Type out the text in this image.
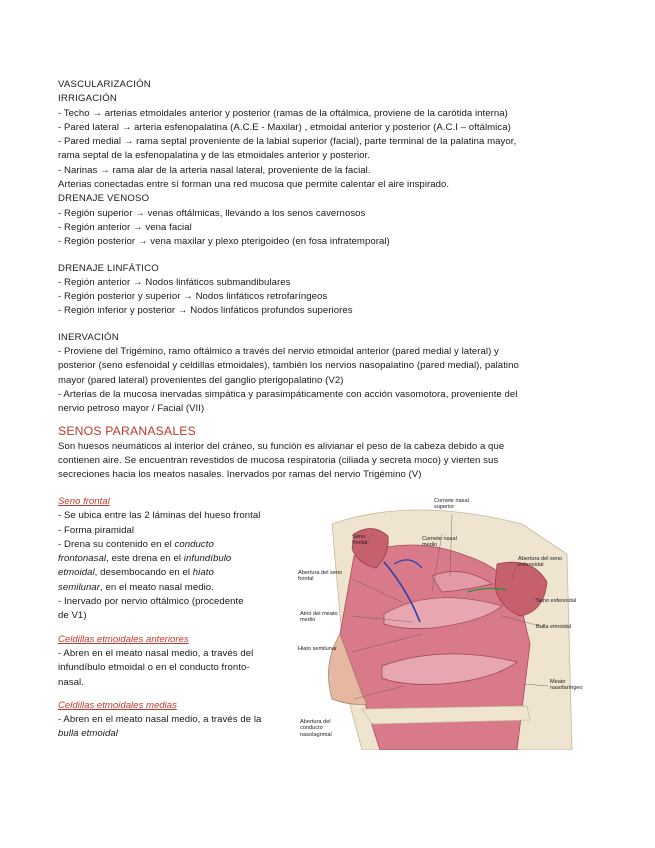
VASCULARIZACIÓN
IRRIGACIÓN
- Techo → arterias etmoidales anterior y posterior (ramas de la oftálmica, proviene de la carótida interna)
- Pared lateral → arteria esfenopalatina (A.C.E - Maxilar) , etmoidal anterior y posterior (A.C.I – oftálmica)
- Pared medial → rama septal proveniente de la labial superior (facial), parte terminal de la palatina mayor,
rama septal de la esfenopalatina y de las etmoidales anterior y posterior.
- Narinas → rama alar de la arteria nasal lateral, proveniente de la facial.
Arterias conectadas entre sí forman una red mucosa que permite calentar el aire inspirado.
DRENAJE VENOSO
- Región superior → venas oftálmicas, llevando a los senos cavernosos
- Región anterior → vena facial
- Región posterior → vena maxilar y plexo pterigoideo (en fosa infratemporal)
DRENAJE LINFÁTICO
- Región anterior → Nodos linfáticos submandibulares
- Región posterior y superior → Nodos linfáticos retrofaríngeos
- Región inferior y posterior → Nodos linfáticos profundos superiores
INERVACIÓN
- Proviene del Trigémino, ramo oftálmico a través del nervio etmoidal anterior (pared medial y lateral) y
posterior (seno esfenoidal y celdillas etmoidales), también los nervios nasopalatino (pared medial), palatino
mayor (pared lateral) provenientes del ganglio pterigopalatino (V2)
- Arterias de la mucosa inervadas simpática y parasimpáticamente con acción vasomotora, proveniente del
nervio petroso mayor / Facial (VII)
SENOS PARANASALES
Son huesos neumáticos al interior del cráneo, su función es alivianar el peso de la cabeza debido a que
contienen aire. Se encuentran revestidos de mucosa respiratoria (ciliada y secreta moco) y vierten sus
secreciones hacia los meatos nasales. Inervados por ramas del nervio Trigémino (V)
Seno frontal
- Se ubica entre las 2 láminas del hueso frontal
- Forma piramidal
- Drena su contenido en el conducto
frontonasal, este drena en el infundíbulo
etmoidal, desembocando en el hiato
semilunar, en el meato nasal medio.
- Inervado por nervio oftálmico (procedente
de V1)
Celdillas etmoidales anteriores
- Abren en el meato nasal medio, a través del
infundíbulo etmoidal o en el conducto fronto-
nasal.
Celdillas etmoidales medias
- Abren en el meato nasal medio, a través de la
bulla etmoidal
Cornete nasal
superior
Seno
frontal
Cornete nasal
medio
Abertura del seno
esfenoidal
Abertura del seno
frontal
Seno esfenoidal
Atrio del meato
medio
Bulla etmoidal
Hiato semilunar
Meato
nasofaríngeo
Abertura del
conducto
nasolagrimal
